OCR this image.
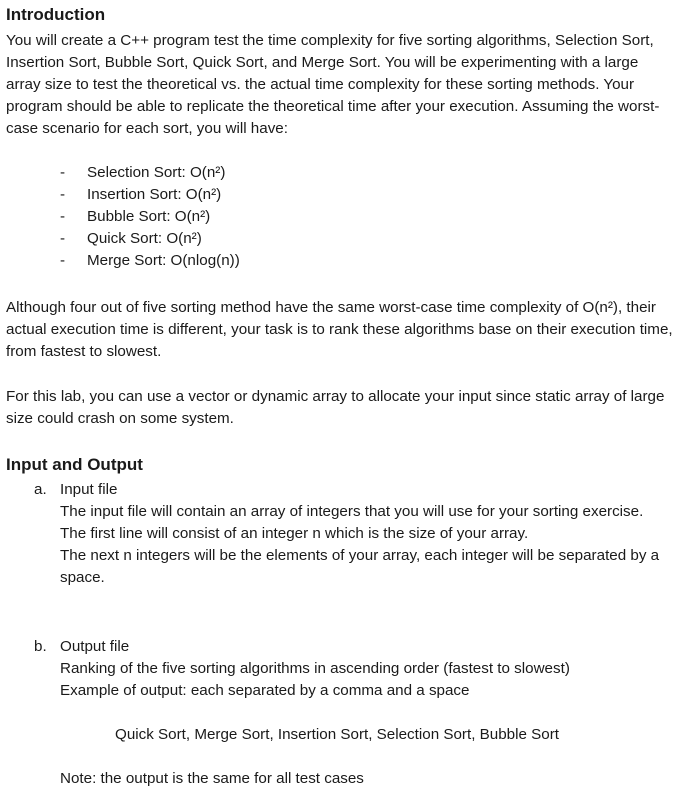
Introduction

You will create a C++ program test the time complexity for five sorting algorithms, Selection Sort, Insertion Sort, Bubble Sort, Quick Sort, and Merge Sort. You will be experimenting with a large array size to test the theoretical vs. the actual time complexity for these sorting methods. Your program should be able to replicate the theoretical time after your execution. Assuming the worst-case scenario for each sort, you will have:

- Selection Sort: O(n²)
- Insertion Sort: O(n²)
- Bubble Sort: O(n²)
- Quick Sort: O(n²)
- Merge Sort: O(nlog(n))

Although four out of five sorting method have the same worst-case time complexity of O(n²), their actual execution time is different, your task is to rank these algorithms base on their execution time, from fastest to slowest.

For this lab, you can use a vector or dynamic array to allocate your input since static array of large size could crash on some system.

Input and Output
a. Input file

The input file will contain an array of integers that you will use for your sorting exercise.

The first line will consist of an integer n which is the size of your array.

The next n integers will be the elements of your array, each integer will be separated by a space.

b. Output file

Ranking of the five sorting algorithms in ascending order (fastest to slowest)

Example of output: each separated by a comma and a space

Quick Sort, Merge Sort, Insertion Sort, Selection Sort, Bubble Sort

Note: the output is the same for all test cases
